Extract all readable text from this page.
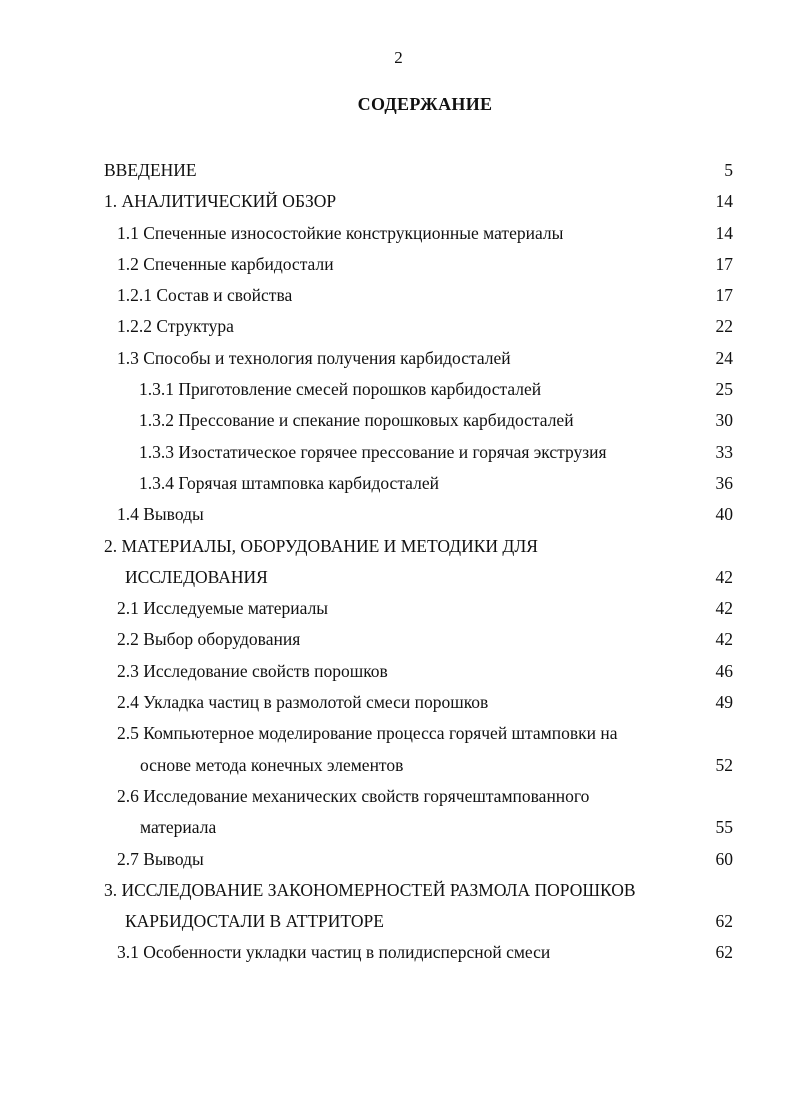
2
СОДЕРЖАНИЕ
ВВЕДЕНИЕ	5
1. АНАЛИТИЧЕСКИЙ ОБЗОР	14
1.1 Спеченные износостойкие конструкционные материалы	14
1.2 Спеченные карбидостали	17
1.2.1 Состав и свойства	17
1.2.2 Структура	22
1.3 Способы и технология получения карбидосталей	24
1.3.1 Приготовление смесей порошков карбидосталей	25
1.3.2 Прессование и спекание порошковых карбидосталей	30
1.3.3 Изостатическое горячее прессование и горячая экструзия	33
1.3.4 Горячая штамповка карбидосталей	36
1.4 Выводы	40
2. МАТЕРИАЛЫ, ОБОРУДОВАНИЕ И МЕТОДИКИ ДЛЯ
ИССЛЕДОВАНИЯ	42
2.1 Исследуемые материалы	42
2.2 Выбор оборудования	42
2.3 Исследование свойств порошков	46
2.4 Укладка частиц в размолотой смеси порошков	49
2.5 Компьютерное моделирование процесса горячей штамповки на
основе метода конечных элементов	52
2.6 Исследование механических свойств горячештампованного
материала	55
2.7 Выводы	60
3. ИССЛЕДОВАНИЕ ЗАКОНОМЕРНОСТЕЙ РАЗМОЛА ПОРОШКОВ
КАРБИДОСТАЛИ В АТТРИТОРЕ	62
3.1 Особенности укладки частиц в полидисперсной смеси	62
